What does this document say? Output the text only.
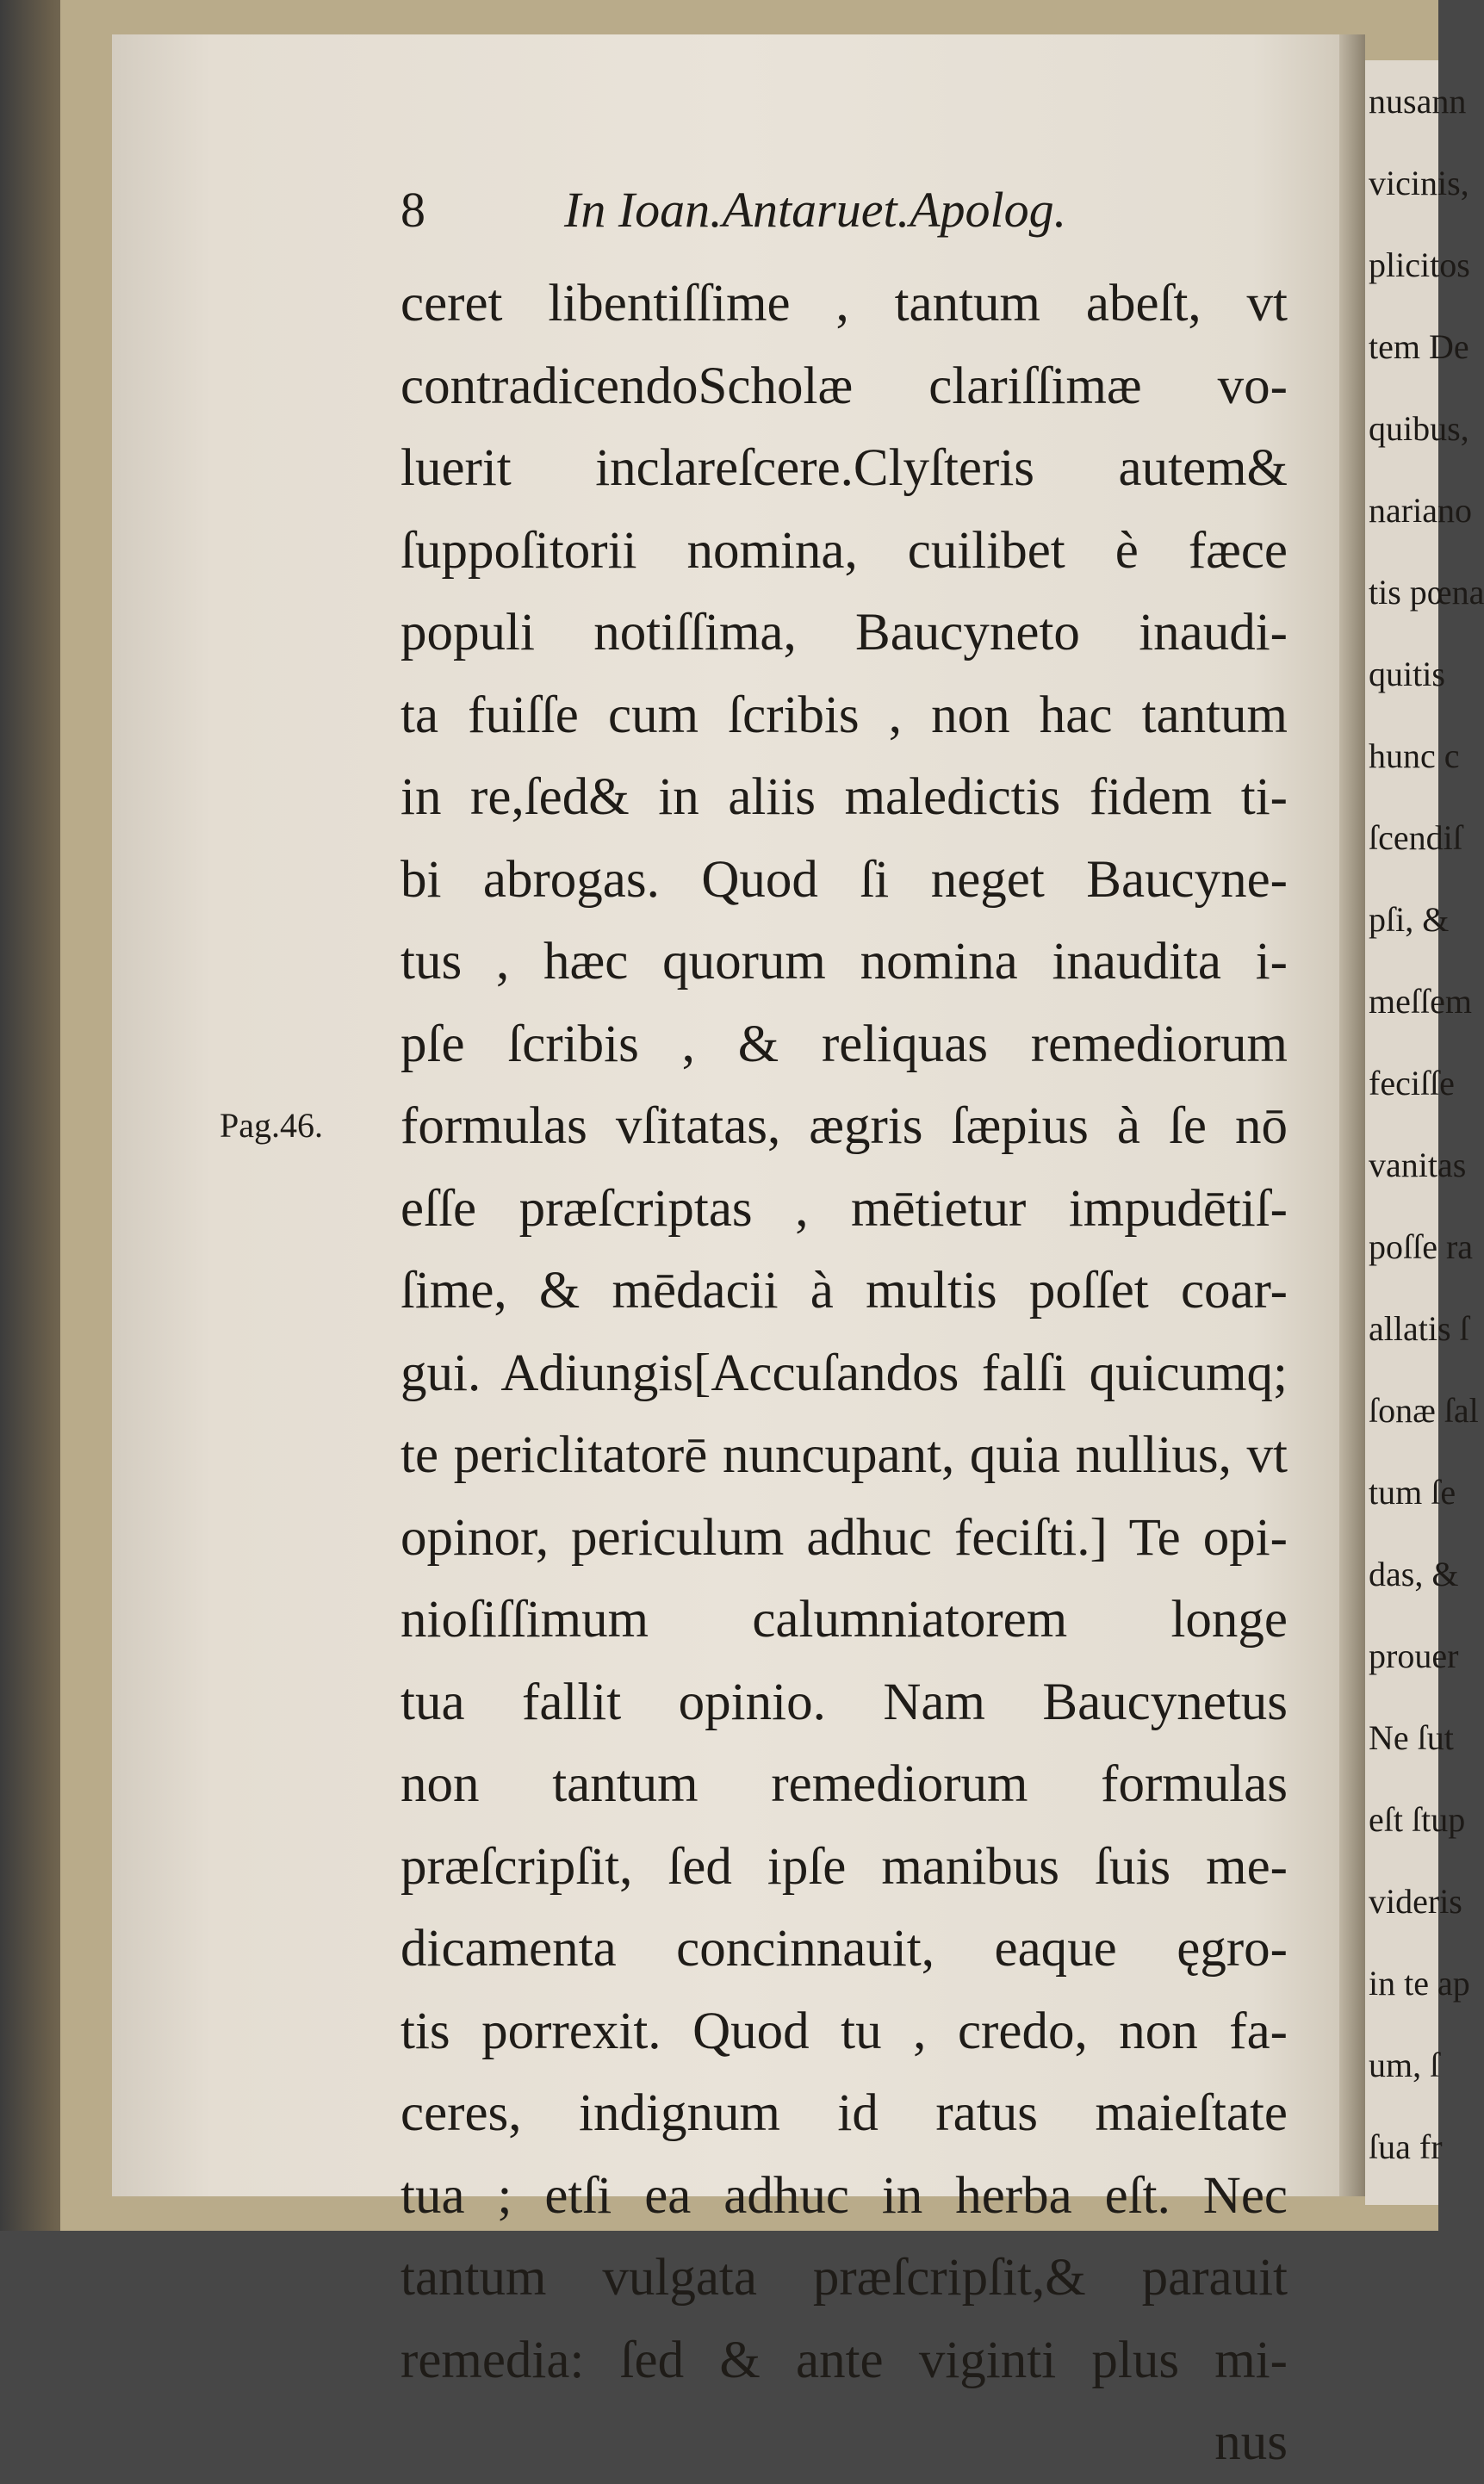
nusann
vicinis,
plicitos
tem De
quibus,
nariano
tis pœna
quitis
hunc c
ſcendiſ
pſi, &
meſſem
feciſſe
vanitas
poſſe ra
allatis ſ
ſonæ ſal
tum ſe
das, &
prouer
Ne ſut
eſt ſtup
videris
in te ap
um, ſ
ſua fr
8	In Ioan.Antaruet.Apolog.
Pag.46.
ceret libentiſſime , tantum abeſt, vt
contradicendoScholæ clariſſimæ vo-
luerit inclareſcere.Clyſteris autem&
ſuppoſitorii nomina, cuilibet è fæce
populi notiſſima, Baucyneto inaudi-
ta fuiſſe cum ſcribis , non hac tantum
in re,ſed& in aliis maledictis fidem ti-
bi abrogas. Quod ſi neget Baucyne-
tus , hæc quorum nomina inaudita i-
pſe ſcribis , & reliquas remediorum
formulas vſitatas, ægris ſæpius à ſe nō
eſſe præſcriptas , mētietur impudētiſ-
ſime, & mēdacii à multis poſſet coar-
gui. Adiungis[Accuſandos falſi quicumq;
te periclitatorē nuncupant, quia nullius, vt
opinor, periculum adhuc feciſti.] Te opi-
nioſiſſimum calumniatorem longe
tua fallit opinio. Nam Baucynetus
non tantum remediorum formulas
præſcripſit, ſed ipſe manibus ſuis me-
dicamenta concinnauit, eaque ęgro-
tis porrexit. Quod tu , credo, non fa-
ceres, indignum id ratus maieſtate
tua ; etſi ea adhuc in herba eſt. Nec
tantum vulgata præſcripſit,& parauit
remedia: ſed & ante viginti plus mi-
nus
